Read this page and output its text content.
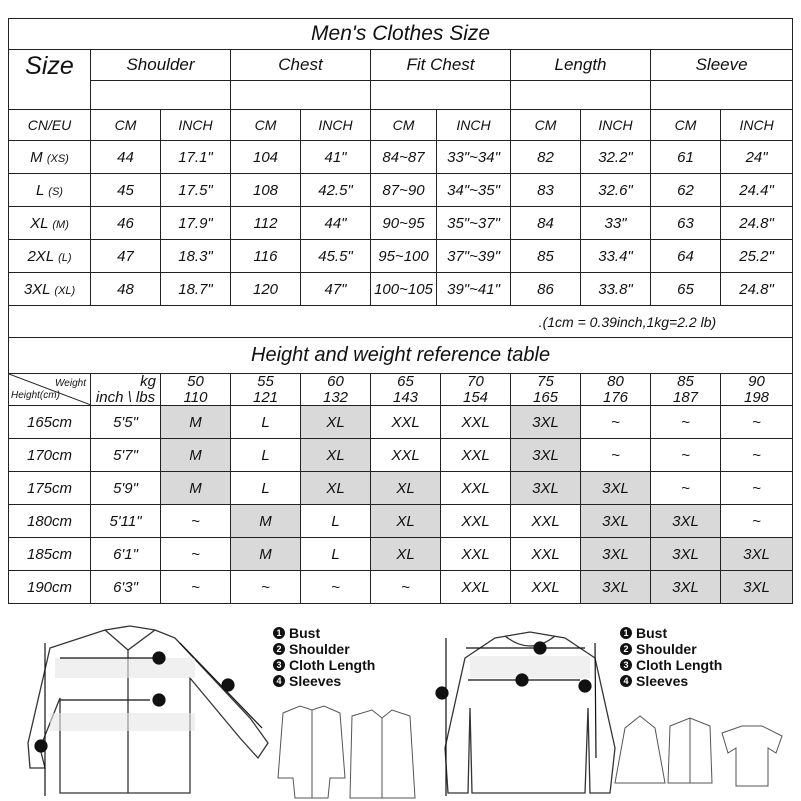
Men's Clothes Size										
Size	Shoulder		Chest		Fit Chest		Length		Sleeve	

CN/EU	CM	INCH	CM	INCH	CM	INCH	CM	INCH	CM	INCH
M (XS)	44	17.1"	104	41"	84~87	33"~34"	82	32.2"	61	24"
L (S)	45	17.5"	108	42.5"	87~90	34"~35"	83	32.6"	62	24.4"
XL (M)	46	17.9"	112	44"	90~95	35"~37"	84	33"	63	24.8"
2XL (L)	47	18.3"	116	45.5"	95~100	37"~39"	85	33.4"	64	25.2"
3XL (XL)	48	18.7"	120	47"	100~105	39"~41"	86	33.8"	65	24.8"
.(1cm = 0.39inch,1kg=2.2 lb)										
Height and weight reference table										
Weight
Height(cm)	kg	50	55	60	65	70	75	80	85	90
	inch \ lbs	110	121	132	143	154	165	176	187	198
165cm	5'5"	M	L	XL	XXL	XXL	3XL	~	~	~
170cm	5'7"	M	L	XL	XXL	XXL	3XL	~	~	~
175cm	5'9"	M	L	XL	XL	XXL	3XL	3XL	~	~
180cm	5'11"	~	M	L	XL	XXL	XXL	3XL	3XL	~
185cm	6'1"	~	M	L	XL	XXL	XXL	3XL	3XL	3XL
190cm	6'3"	~	~	~	~	XXL	XXL	3XL	3XL	3XL
1 Bust
2 Shoulder
3 Cloth Length
4 Sleeves
1 Bust
2 Shoulder
3 Cloth Length
4 Sleeves
